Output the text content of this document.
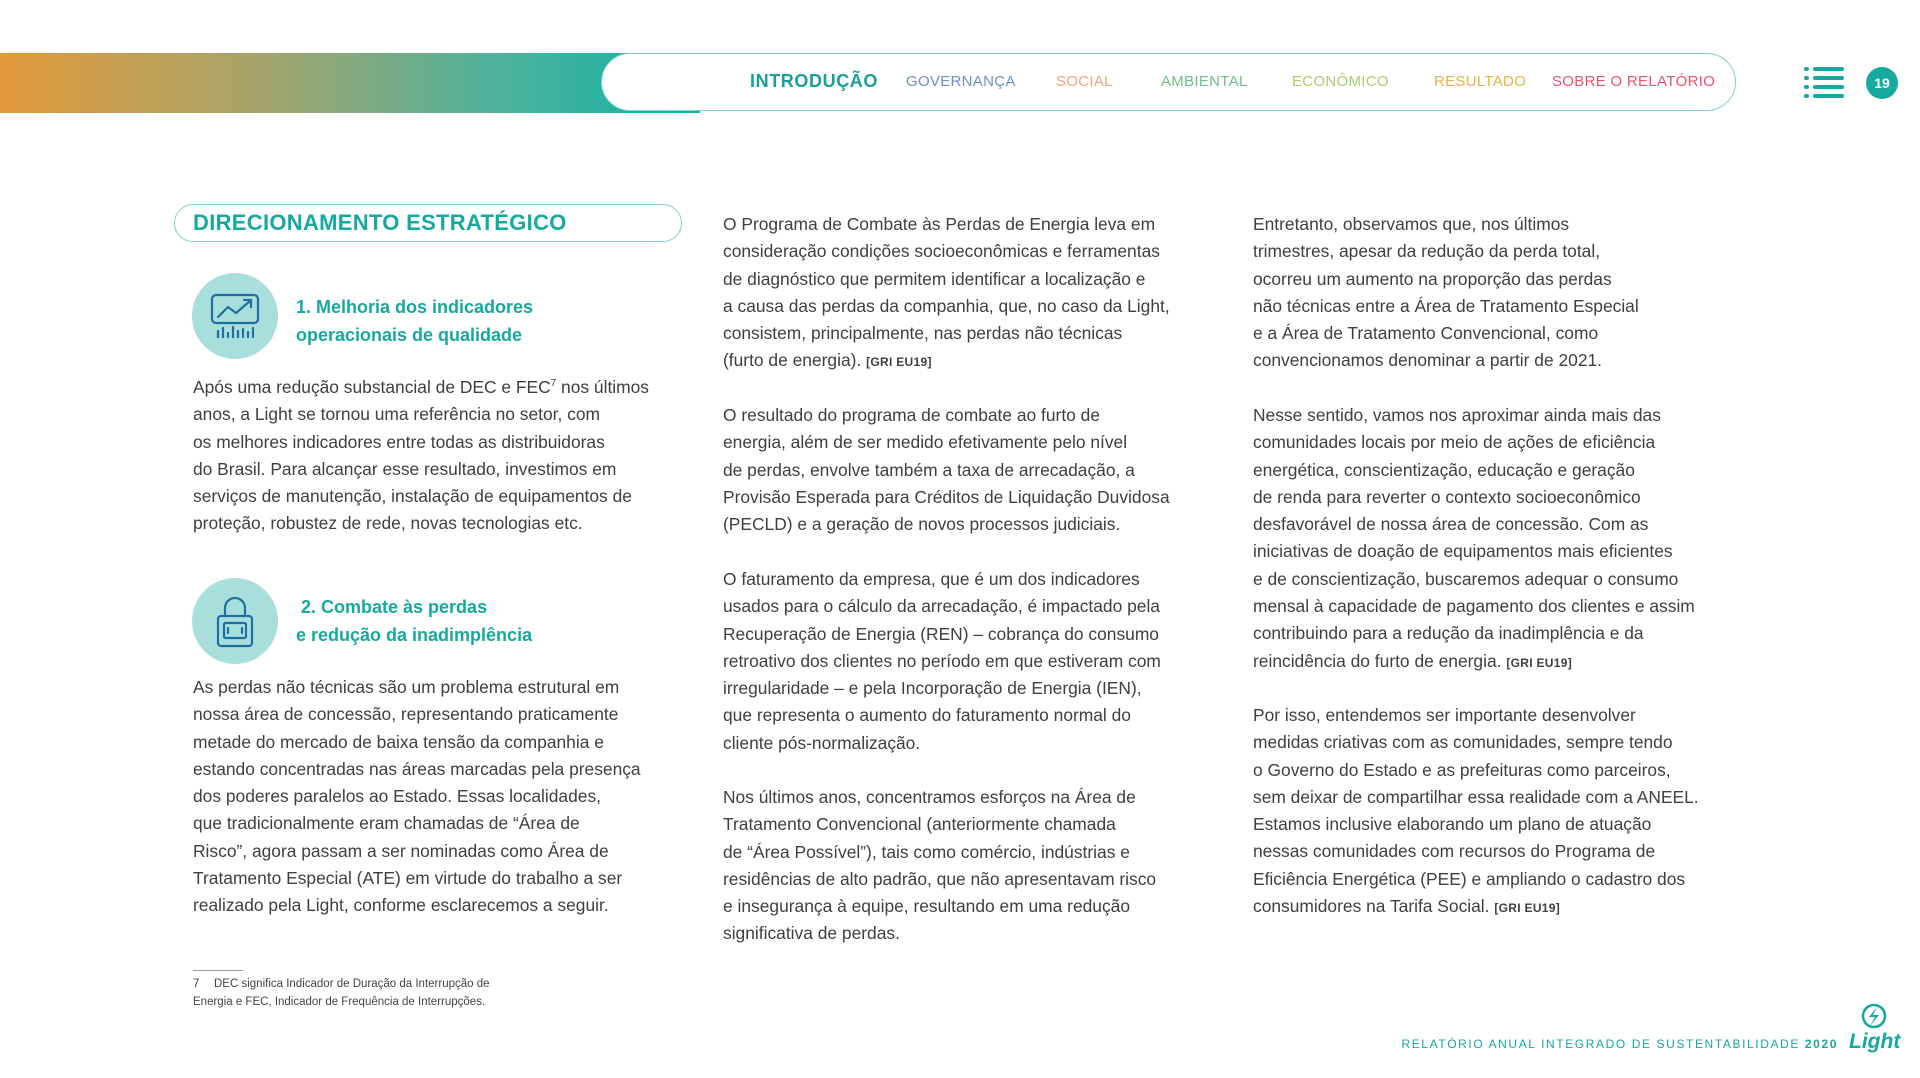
INTRODUÇÃO GOVERNANÇA	SOCIAL	AMBIENTAL	ECONÔMICO	RESULTADO SOBRE O RELATÓRIO	19
DIRECIONAMENTO ESTRATÉGICO
1. Melhoria dos indicadores
operacionais de qualidade
Após uma redução substancial de DEC e FEC$^7$ nos últimos
anos, a Light se tornou uma referência no setor, com
os melhores indicadores entre todas as distribuidoras
do Brasil. Para alcançar esse resultado, investimos em
serviços de manutenção, instalação de equipamentos de
proteção, robustez de rede, novas tecnologias etc.
2. Combate às perdas
e redução da inadimplência
As perdas não técnicas são um problema estrutural em
nossa área de concessão, representando praticamente
metade do mercado de baixa tensão da companhia e
estando concentradas nas áreas marcadas pela presença
dos poderes paralelos ao Estado. Essas localidades,
que tradicionalmente eram chamadas de “Área de
Risco”, agora passam a ser nominadas como Área de
Tratamento Especial (ATE) em virtude do trabalho a ser
realizado pela Light, conforme esclarecemos a seguir.
7 DEC significa Indicador de Duração da Interrupção de
Energia e FEC, Indicador de Frequência de Interrupções.
O Programa de Combate às Perdas de Energia leva em
consideração condições socioeconômicas e ferramentas
de diagnóstico que permitem identificar a localização e
a causa das perdas da companhia, que, no caso da Light,
consistem, principalmente, nas perdas não técnicas
(furto de energia). [GRI EU19]
O resultado do programa de combate ao furto de
energia, além de ser medido efetivamente pelo nível
de perdas, envolve também a taxa de arrecadação, a
Provisão Esperada para Créditos de Liquidação Duvidosa
(PECLD) e a geração de novos processos judiciais.
O faturamento da empresa, que é um dos indicadores
usados para o cálculo da arrecadação, é impactado pela
Recuperação de Energia (REN) – cobrança do consumo
retroativo dos clientes no período em que estiveram com
irregularidade – e pela Incorporação de Energia (IEN),
que representa o aumento do faturamento normal do
cliente pós-normalização.
Nos últimos anos, concentramos esforços na Área de
Tratamento Convencional (anteriormente chamada
de “Área Possível”), tais como comércio, indústrias e
residências de alto padrão, que não apresentavam risco
e insegurança à equipe, resultando em uma redução
significativa de perdas.
Entretanto, observamos que, nos últimos
trimestres, apesar da redução da perda total,
ocorreu um aumento na proporção das perdas
não técnicas entre a Área de Tratamento Especial
e a Área de Tratamento Convencional, como
convencionamos denominar a partir de 2021.
Nesse sentido, vamos nos aproximar ainda mais das
comunidades locais por meio de ações de eficiência
energética, conscientização, educação e geração
de renda para reverter o contexto socioeconômico
desfavorável de nossa área de concessão. Com as
iniciativas de doação de equipamentos mais eficientes
e de conscientização, buscaremos adequar o consumo
mensal à capacidade de pagamento dos clientes e assim
contribuindo para a redução da inadimplência e da
reincidência do furto de energia. [GRI EU19]
Por isso, entendemos ser importante desenvolver
medidas criativas com as comunidades, sempre tendo
o Governo do Estado e as prefeituras como parceiros,
sem deixar de compartilhar essa realidade com a ANEEL.
Estamos inclusive elaborando um plano de atuação
nessas comunidades com recursos do Programa de
Eficiência Energética (PEE) e ampliando o cadastro dos
consumidores na Tarifa Social. [GRI EU19]
RELATÓRIO ANUAL INTEGRADO DE SUSTENTABILIDADE 2020 Light
